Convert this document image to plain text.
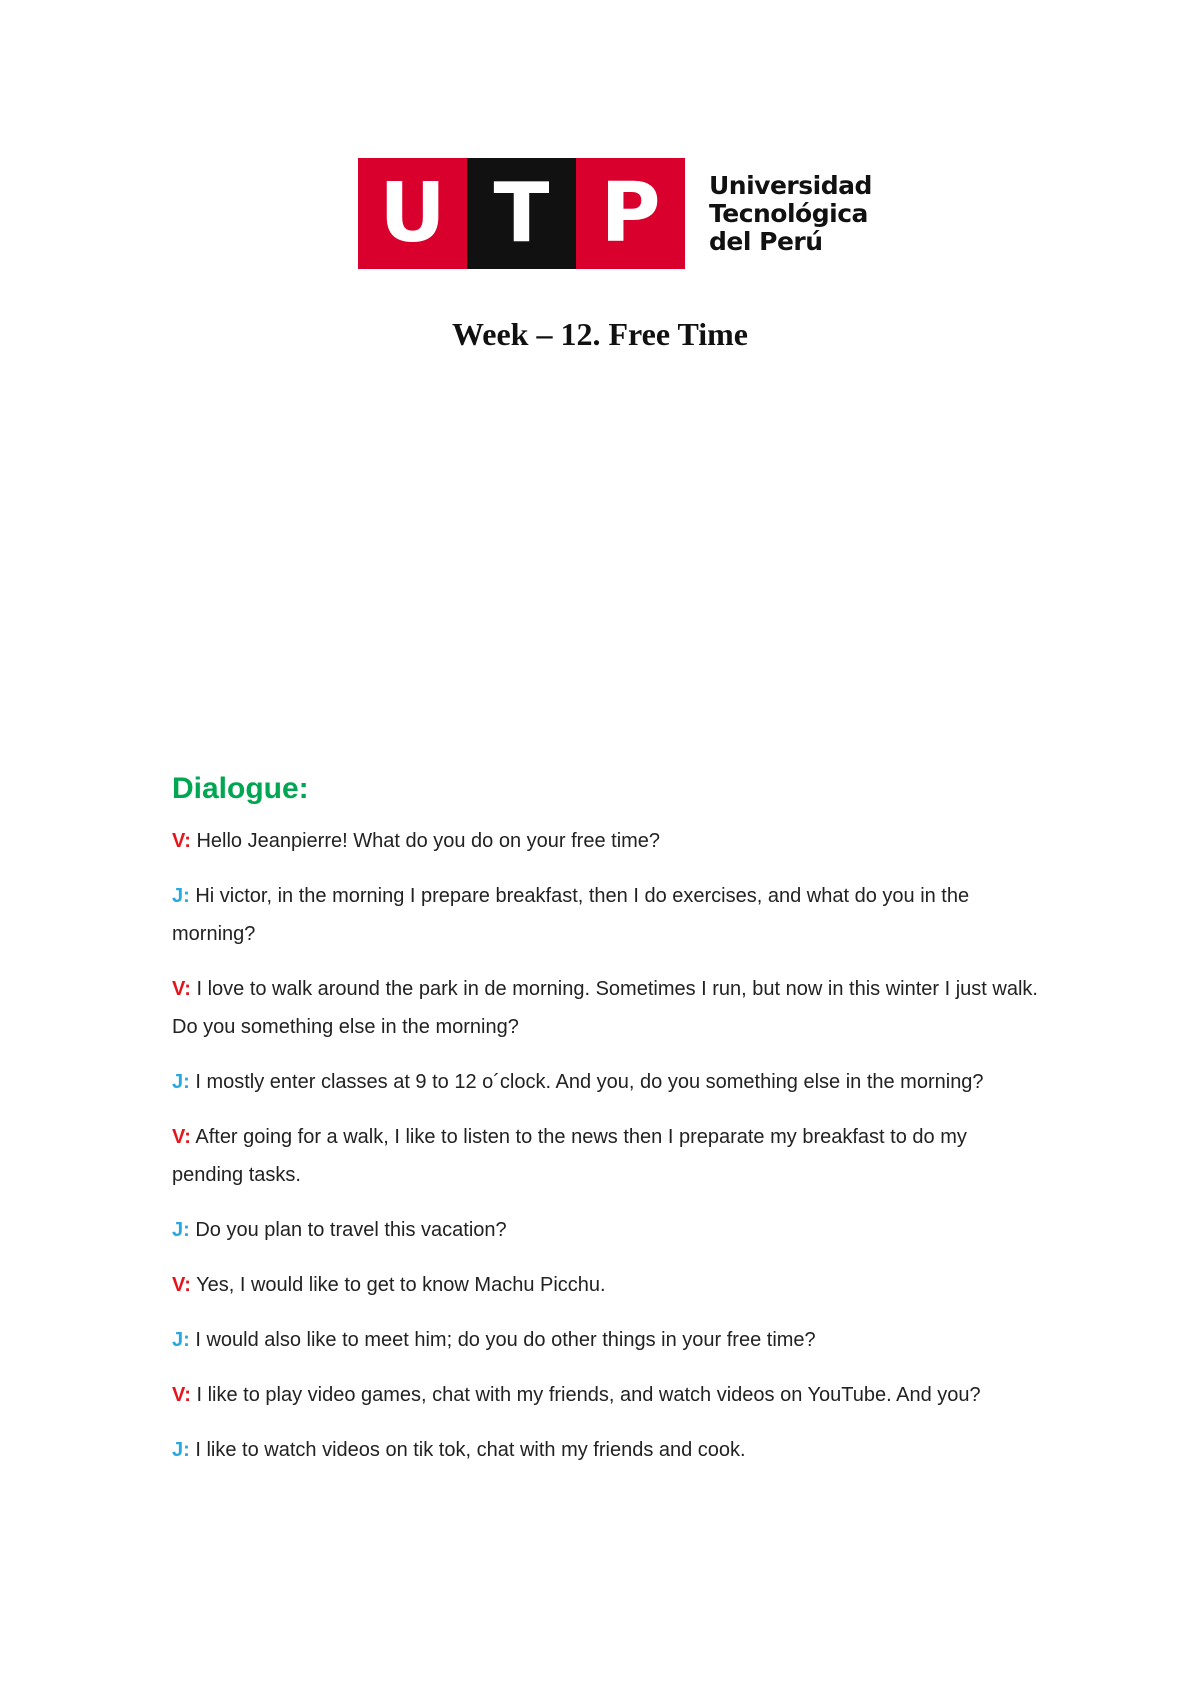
U T P	Universidad
Tecnológica
del Perú
Week – 12. Free Time
Dialogue:

V: Hello Jeanpierre! What do you do on your free time?

J: Hi victor, in the morning I prepare breakfast, then I do exercises, and what do you in the morning?

V: I love to walk around the park in de morning. Sometimes I run, but now in this winter I just walk. Do you something else in the morning?

J: I mostly enter classes at 9 to 12 o´clock. And you, do you something else in the morning?

V: After going for a walk, I like to listen to the news then I preparate my breakfast to do my pending tasks.

J: Do you plan to travel this vacation?

V: Yes, I would like to get to know Machu Picchu.

J: I would also like to meet him; do you do other things in your free time?

V: I like to play video games, chat with my friends, and watch videos on YouTube. And you?

J: I like to watch videos on tik tok, chat with my friends and cook.
